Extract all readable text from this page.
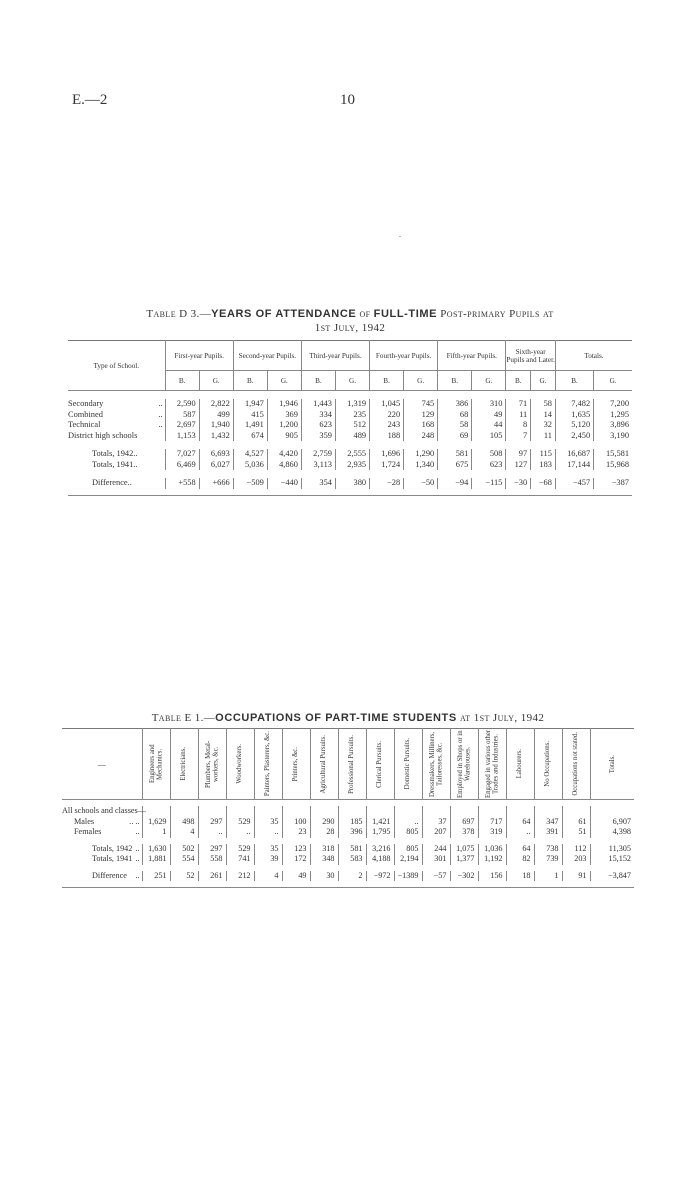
E.—2	10
Table D 3.—YEARS OF ATTENDANCE of FULL-TIME Post-primary Pupils at
1st July, 1942
Type of School.	First-year Pupils.		Second-year Pupils.		Third-year Pupils.		Fourth-year Pupils.		Fifth-year Pupils.		Sixth-year Pupils and Later.		Totals.	
	B.	G.	B.	G.	B.	G.	B.	G.	B.	G.	B.	G.	B.	G.

Secondary ..	2,590	2,822	1,947	1,946	1,443	1,319	1,045	745	386	310	71	58	7,482	7,200
Combined ..	587	499	415	369	334	235	220	129	68	49	11	14	1,635	1,295
Technical ..	2,697	1,940	1,491	1,200	623	512	243	168	58	44	8	32	5,120	3,896
District high schools	1,153	1,432	674	905	359	489	188	248	69	105	7	11	2,450	3,190

Totals, 1942..	7,027	6,693	4,527	4,420	2,759	2,555	1,696	1,290	581	508	97	115	16,687	15,581
Totals, 1941..	6,469	6,027	5,036	4,860	3,113	2,935	1,724	1,340	675	623	127	183	17,144	15,968

Difference..	+558	+666	−509	−440	354	380	−28	−50	−94	−115	−30	−68	−457	−387

Table E 1.—OCCUPATIONS OF PART-TIME STUDENTS at 1st July, 1942
—	Engineers and Mechanics.	Electricians.	Plumbers, Metal-workers, &c.	Woodworkers.	Painters, Plasterers, &c.	Printers, &c.	Agricultural Pursuits.	Professional Pursuits.	Clerical Pursuits.	Domestic Pursuits.	Dressmakers, Milliners, Tailoresses, &c.	Employed in Shops or in Warehouses.	Engaged in various other Trades and Industries.	Labourers.	No Occupations.	Occupations not stated.	Totals.

All schools and classes—																	
Males .. ..	1,629	498	297	529	35	100	290	185	1,421	..	37	697	717	64	347	61	6,907
Females ..	1	4	..	..	..	23	28	396	1,795	805	207	378	319	..	391	51	4,398

Totals, 1942 ..	1,630	502	297	529	35	123	318	581	3,216	805	244	1,075	1,036	64	738	112	11,305
Totals, 1941 ..	1,881	554	558	741	39	172	348	583	4,188	2,194	301	1,377	1,192	82	739	203	15,152

Difference ..	251	52	261	212	4	49	30	2	−972	−1389	−57	−302	156	18	1	91	−3,847
